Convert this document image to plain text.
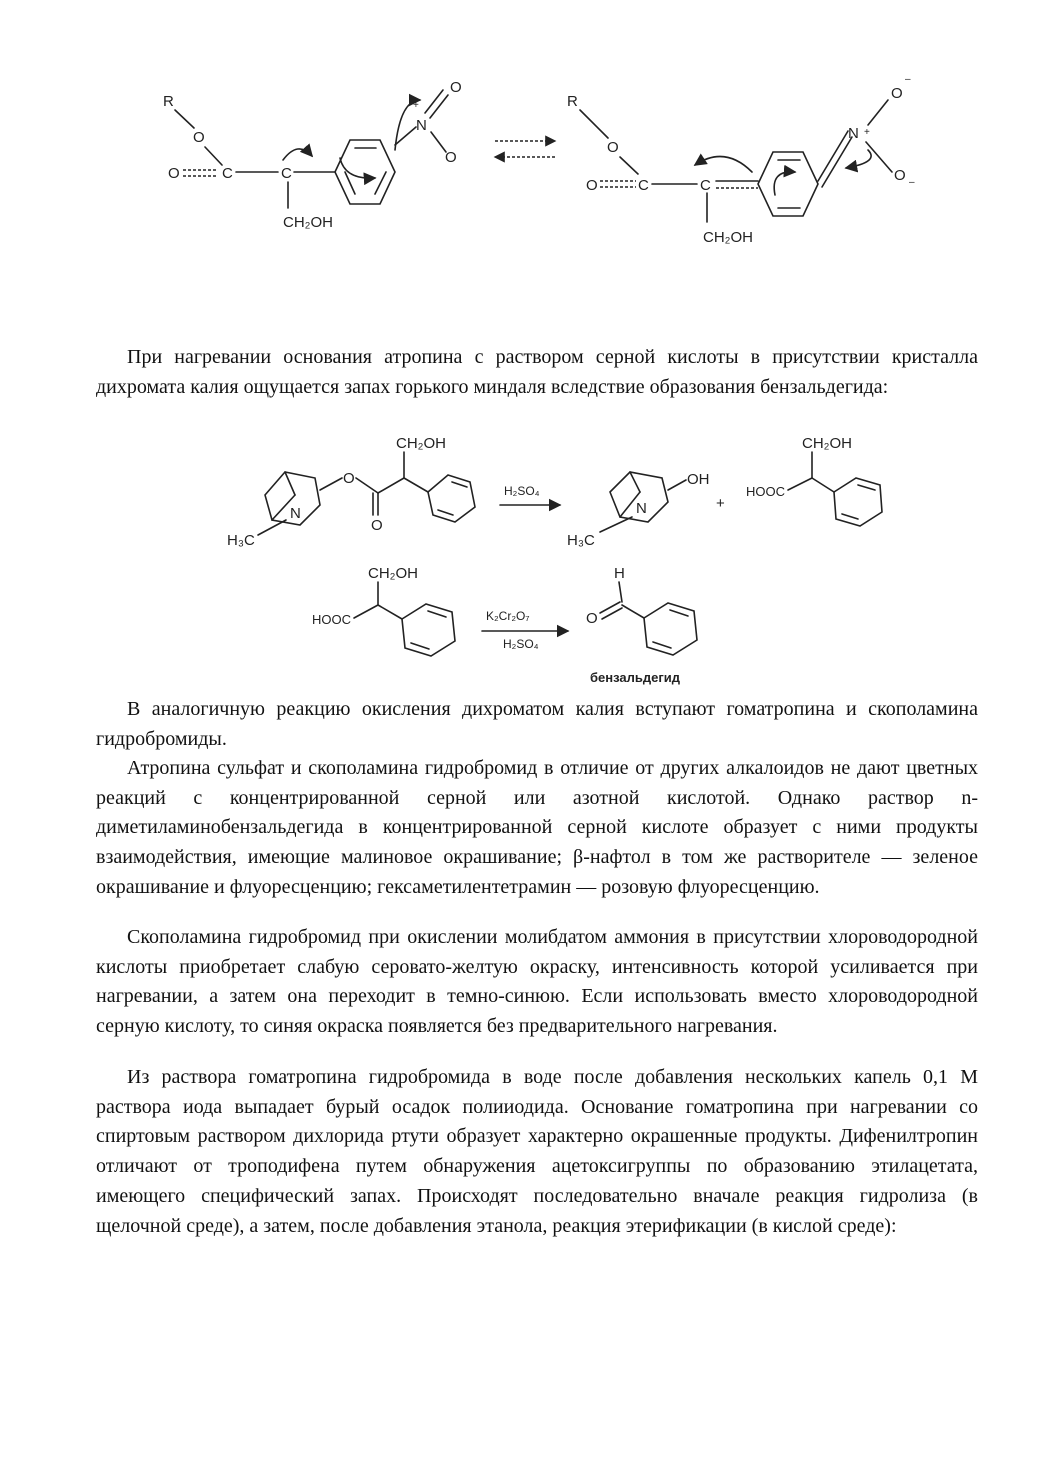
R
O
O	C	C
CH₂OH
N
+
O
O
R
O
O	C	C
CH₂OH
N +
O
–
O –

При нагревании основания атропина с раствором серной кислоты в присутствии кристалла дихромата калия ощущается запах горького миндаля вследствие образования бензальдегида:

N
H₃C
O
O
CH₂OH
H₂SO₄
N
H₃C
OH
+
HOOC
CH₂OH
HOOC
CH₂OH
K₂Cr₂O₇
H₂SO₄
H
O
бензальдегид

В аналогичную реакцию окисления дихроматом калия вступают гоматропина и скополамина гидробромиды.

Атропина сульфат и скополамина гидробромид в отличие от других алкалоидов не дают цветных реакций с концентрированной серной или азотной кислотой. Однако раствор n-диметиламинобензальдегида в концентрированной серной кислоте образует с ними продукты взаимодействия, имеющие малиновое окрашивание; β-нафтол в том же растворителе — зеленое окрашивание и флуоресценцию; гексаметилентетрамин — розовую флуоресценцию.

Скополамина гидробромид при окислении молибдатом аммония в присутствии хлороводородной кислоты приобретает слабую серовато-желтую окраску, интенсивность которой усиливается при нагревании, а затем она переходит в темно-синюю. Если использовать вместо хлороводородной серную кислоту, то синяя окраска появляется без предварительного нагревания.

Из раствора гоматропина гидробромида в воде после добавления нескольких капель 0,1 М раствора иода выпадает бурый осадок полииодида. Основание гоматропина при нагревании со спиртовым раствором дихлорида ртути образует характерно окрашенные продукты. Дифенилтропин отличают от троподифена путем обнаружения ацетоксигруппы по образованию этилацетата, имеющего специфический запах. Происходят последовательно вначале реакция гидролиза (в щелочной среде), а затем, после добавления этанола, реакция этерификации (в кислой среде):
